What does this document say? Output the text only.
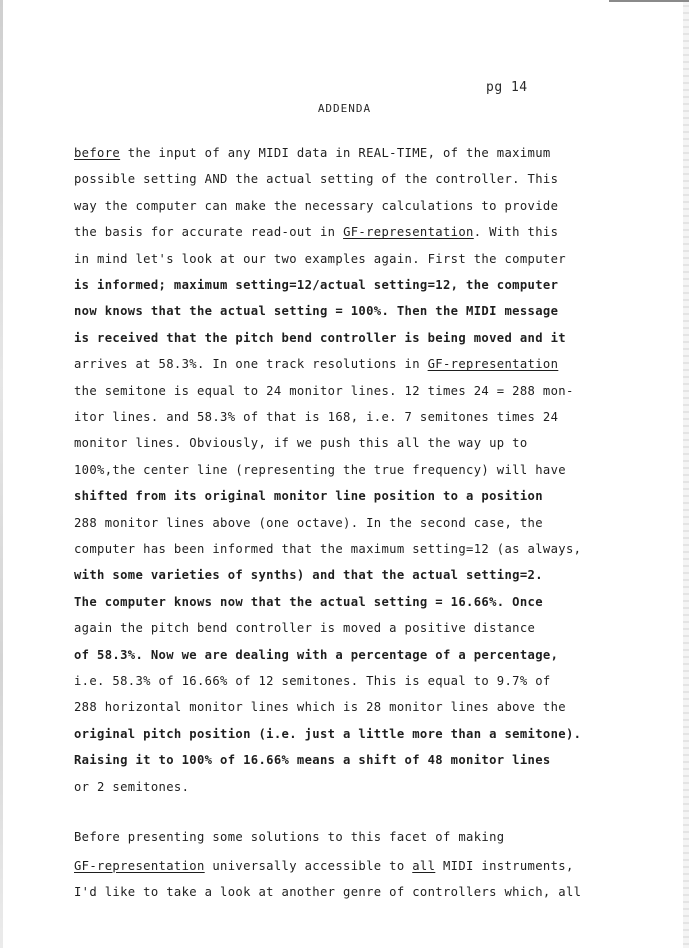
pg 14
ADDENDA
before the input of any MIDI data in REAL-TIME, of the maximum
possible setting AND the actual setting of the controller. This
way the computer can make the necessary calculations to provide
the basis for accurate read-out in GF-representation. With this
in mind let's look at our two examples again. First the computer
is informed; maximum setting=12/actual setting=12, the computer
now knows that the actual setting = 100%. Then the MIDI message
is received that the pitch bend controller is being moved and it
arrives at 58.3%. In one track resolutions in GF-representation
the semitone is equal to 24 monitor lines. 12 times 24 = 288 mon-
itor lines. and 58.3% of that is 168, i.e. 7 semitones times 24
monitor lines. Obviously, if we push this all the way up to
100%,the center line (representing the true frequency) will have
shifted from its original monitor line position to a position
288 monitor lines above (one octave). In the second case, the
computer has been informed that the maximum setting=12 (as always,
with some varieties of synths) and that the actual setting=2.
The computer knows now that the actual setting = 16.66%. Once
again the pitch bend controller is moved a positive distance
of 58.3%. Now we are dealing with a percentage of a percentage,
i.e. 58.3% of 16.66% of 12 semitones. This is equal to 9.7% of
288 horizontal monitor lines which is 28 monitor lines above the
original pitch position (i.e. just a little more than a semitone).
Raising it to 100% of 16.66% means a shift of 48 monitor lines
or 2 semitones.
Before presenting some solutions to this facet of making
GF-representation universally accessible to all MIDI instruments,
I'd like to take a look at another genre of controllers which, all
